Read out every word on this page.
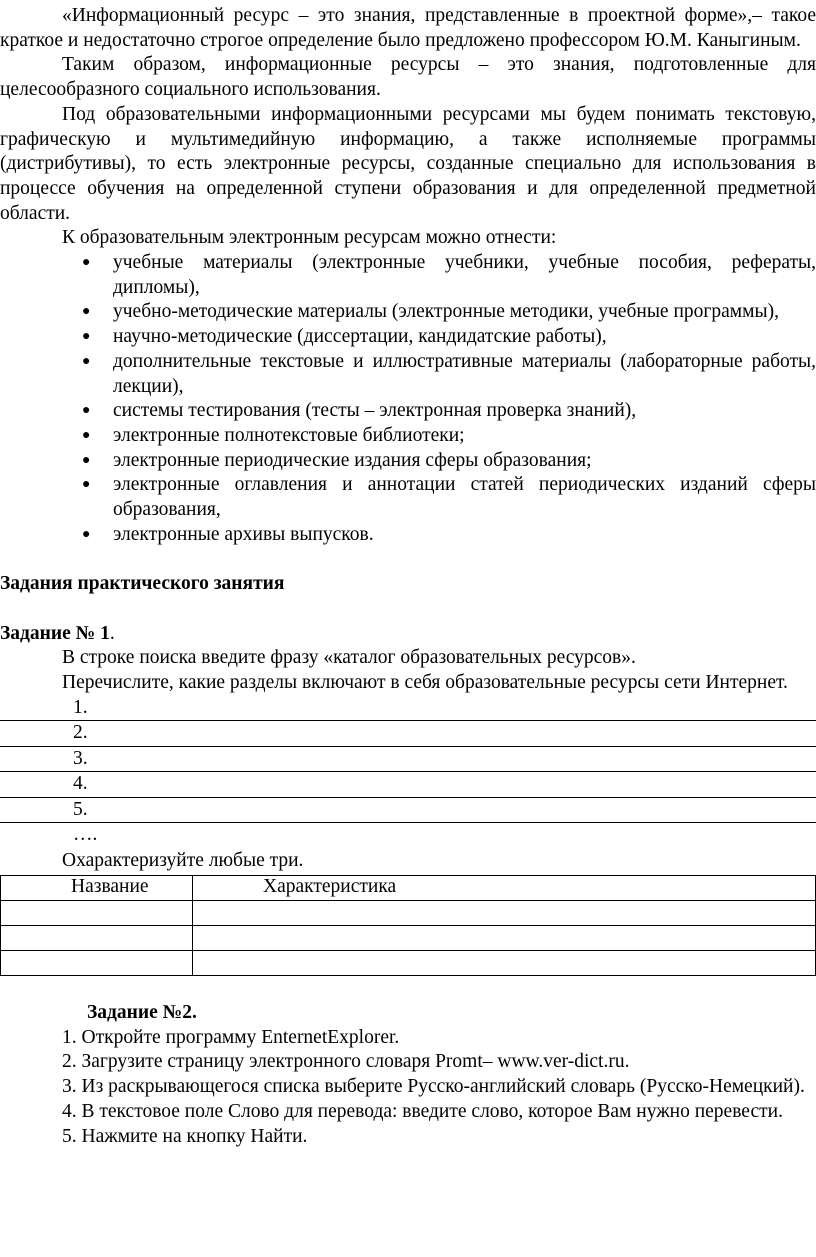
«Информационный ресурс – это знания, представленные в проектной форме»,– такое краткое и недостаточно строгое определение было предложено профессором Ю.М. Каныгиным.

Таким образом, информационные ресурсы – это знания, подготовленные для целесообразного социального использования.

Под образовательными информационными ресурсами мы будем понимать текстовую, графическую и мультимедийную информацию, а также исполняемые программы (дистрибутивы), то есть электронные ресурсы, созданные специально для использования в процессе обучения на определенной ступени образования и для определенной предметной области.

К образовательным электронным ресурсам можно отнести:

● учебные материалы (электронные учебники, учебные пособия, рефераты, дипломы),
● учебно-методические материалы (электронные методики, учебные программы),
● научно-методические (диссертации, кандидатские работы),
● дополнительные текстовые и иллюстративные материалы (лабораторные работы, лекции),
● системы тестирования (тесты – электронная проверка знаний),
● электронные полнотекстовые библиотеки;
● электронные периодические издания сферы образования;
● электронные оглавления и аннотации статей периодических изданий сферы образования,
● электронные архивы выпусков.
Задания практического занятия

Задание № 1.

В строке поиска введите фразу «каталог образовательных ресурсов».

Перечислите, какие разделы включают в себя образовательные ресурсы сети Интернет.

1.
2.
3.
4.
5.
….

Охарактеризуйте любые три.

Название	Характеристика

Задание №2.

1. Откройте программу EnternetExplorer.

2. Загрузите страницу электронного словаря Promt– www.ver-dict.ru.

3. Из раскрывающегося списка выберите Русско-английский словарь (Русско-Немецкий).

4. В текстовое поле Слово для перевода: введите слово, которое Вам нужно перевести.

5. Нажмите на кнопку Найти.
